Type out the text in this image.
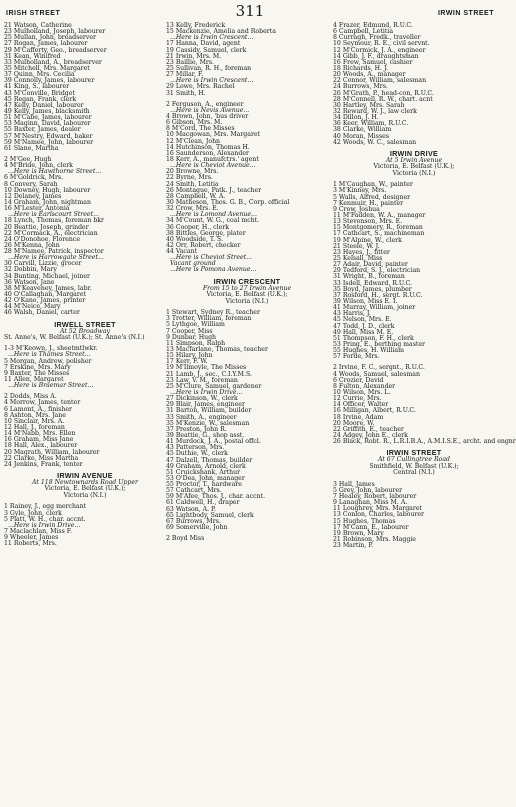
IRISH STREET	311	IRWIN STREET
21 Watson, Catherine
23 Mulholland, Joseph, labourer
25 Mullan, John, breadserver
27 Rogan, James, labourer
29 M'Cafferty, Geo., breadserver
31 Kean, Winifred
33 Mulholland, A., breadserver
35 Mitchell, Mrs. Margaret
37 Quinn, Mrs. Cecilia
39 Connolly, James, labourer
41 King, S., labourer
43 M'Conville, Bridget
45 Regan, Frank, clerk
47 Kelly, Daniel, labourer
49 Kelly, James, blacksmith
51 M'Cabe, James, labourer
53 Maginn, David, labourer
55 Baxter, James, dealer
57 M'Nestry, Edward, baker
59 M'Namee, John, labourer
61 Slane, Martha
2 M'Gee, Hugh
4 M'Bride, John, clerk
...Here is Hawthorne Street...
6 M'Goldrick, Mrs.
8 Convery, Sarah
10 Downey, Hugh, labourer
12 Delaney, James
14 Graham, John, nightman
16 M'Lester, Antonia
...Here is Earlscourt Street...
18 Lynch, Thomas, foreman bkr
20 Beattie, Joseph, grinder
22 M'Cormack, A., electrician
24 O'Donohoe, Florence
26 M'Kenna, John
28 M'Namee, Patrick, inspector
...Here is Harrowgate Street...
30 Carvill, Lizzie, grocer
32 Dobbin, Mary
34 Bunting, Michael, joiner
36 Watson, Jane
38 M'Keaveney, James, labr.
40 O'Callaghan, Margaret
42 O'Kane, James, printer
44 M'Neice, Mary
46 Walsh, Daniel, carter
IRWELL STREET
At 52 Broadway
St. Anne's, W. Belfast (U.K.); St. Anne's (N.I.)
1-3 M'Keown, J., sheetmtlwkr.
...Here is Thames Street...
5 Morgan, Andrew, polisher
7 Erskine, Mrs. Mary
9 Baxter, The Misses
11 Allen, Margaret
...Here is Braemar Street...
2 Dodds, Miss A.
4 Morrow, James, tenter
6 Lamont, A., finisher
8 Ashton, Mrs. Jane
10 Sinclair, Mrs. A.
12 Hall, J., foreman
14 M'Nabb, Mrs. Ellen
16 Graham, Miss Jane
18 Hall, Alex., labourer
20 Magrath, William, labourer
22 Clarke, Miss Martha
24 Jenkins, Frank, tenter
IRWIN AVENUE
At 118 Newtownards Road Upper
Victoria, E. Belfast (U.K.);
Victoria (N.I.)
1 Rainey, J., egg merchant
3 Gyle, John, clerk
5 Platt, W. H., char. accnt.
...Here is Irwin Drive...
7 Maclachlan, Miss F.
9 Wheeler, James
11 Roberts, Mrs.
13 Kelly, Frederick
15 Mackenzie, Amelia and Roberta
...Here is Irwin Crescent...
17 Hanna, David, agent
19 Cassidy, Samuel, clerk
21 Irwin, Mrs. M.
23 Baillie, Mrs.
25 Sullivan, R. H., foreman
27 Millar, F.
...Here is Irwin Crescent...
29 Lowe, Mrs. Rachel
31 Smith, H.
2 Ferguson, A., engineer
...Here is Nevis Avenue...
4 Brown, John, 'bus driver
6 Gibson, Mrs. M.
8 M'Cord, The Misses
10 Macgowan, Mrs. Margaret
12 M'Clean, John
14 Hutchinson, Thomas H.
16 Saunderson, Alexander
18 Kerr, A., manufctrs.' agent
...Here is Cheviot Avenue...
20 Browne, Mrs.
22 Byrne, Mrs.
24 Smith, Letitia
26 Montague, Patk. J., teacher
28 Campbell, W. A.
30 Matheson, Thos. G. B., Corp. official
32 Crow, Mrs. E.
...Here is Lomond Avenue...
34 M'Count, W. G., coal mcht.
36 Cooper, H., clerk
38 Bittles, George, plater
40 Woodside, T. S.
42 Orr, Robert, checker
44 Vacant
...Here is Cheviot Street...
Vacant ground
...Here is Pomona Avenue...
IRWIN CRESCENT
From 15 to 27 Irwin Avenue
Victoria, E. Belfast (U.K.);
Victoria (N.I.)
1 Stewart, Sydney R., teacher
3 Trotter, William, foreman
5 Lythgoe, William
7 Cooper, Miss
9 Dunbar, Hugh
11 Simpson, Ralph
13 Macfarlane, Thomas, teacher
15 Hilary, John
17 Kerr, F. W.
19 M'Ilmoyle, The Misses
21 Lamb, J., sec., C.I.Y.M.S.
23 Law, V. M., foreman
25 M'Clure, Samuel, gardener
...Here is Irwin Drive...
27 Dickinson, W., clerk
29 Blair, James, engineer
31 Barton, William, builder
33 Smith, A., engineer
35 M'Kenzie, W., salesman
37 Preston, John R.
39 Beattie, G., shop asst.
41 Murdock, J. A., postal offcl.
43 Patterson, Mrs.
45 Duthie, W., clerk
47 Dalzell, Thomas, builder
49 Graham, Arnold, clerk
51 Cruickshank, Arthur
53 O'Dea, John, manager
55 Proctor, T., hardware
57 Cathcart, Mrs.
59 M'Afee, Thos. J., char. accnt.
61 Caldwell, H., draper
63 Watson, A. P.
65 Lightbody, Samuel, clerk
67 Burrows, Mrs.
69 Somerville, John
2 Boyd Miss
4 Frazer, Edmund, R.U.C.
6 Campbell, Letitia
8 Curragh, Fredk., traveller
10 Seymour, R. E., civil servnt.
12 M'Cormick, J. A., engineer
14 Gibb, J. F., draughtsman
16 Frew, Samuel, cashier
18 Richards, H. J.
20 Woods, A., manager
22 Connor, William, salesman
24 Burrows, Mrs.
26 M'Grath, P., head-con, R.U.C.
28 M'Connell, R. W., chart. acnt
30 Hartley, Mrs. Sarah
32 Reward, W. J., law clerk
34 Dillon, J. H.
36 Keer, William, R.U.C.
38 Clarke, William
40 Moran, Misses
42 Woods, W. C., salesman
IRWIN DRIVE
At 5 Irwin Avenue
Victoria, E. Belfast (U.K.);
Victoria (N.I.)
1 M'Caughan, W., painter
3 M'Kinney, Mrs.
5 Walls, Alfred, designer
7 Kenmuir, H., painter
9 Crow, Joshua
11 M'Fadden, W. A., manager
13 Stevenson, Mrs. E.
15 Montgomery, R., foreman
17 Cathcart, S., machineman
19 M'Alpine, W., clerk
21 Steele, W. J.
23 Hayes, J., fitter
25 Kelsall, Miss
27 Adair, David, painter
29 Tedford, S. J., electrician
31 Wright, B., foreman
33 Isdell, Edward, R.U.C.
35 Boyd, James, plumber
37 Rosford, H., sergt. R.U.C.
39 Wilson, Miss E. I.
41 Murray, William, joiner
43 Harris, J.
45 Nelson, Mrs. E.
47 Todd, J. D., clerk
49 Hall, Miss M. E.
51 Thompson, F. H., clerk
53 Pring, E., berthing master
55 Hughes, H. William
57 Forde, Mrs.
2 Irvine, F. C., sergnt., R.U.C.
4 Woods, Samuel, salesman
6 Crozier, David
8 Fulton, Alexander
10 Wilson, Mrs. L.
12 Currie, Mrs.
14 Officer, Walter
16 Milligan, Albert, R.U.C.
18 Irvine, Adam
20 Moore, W.
22 Griffith, E., teacher
24 Adgey, John E., clerk
26 Black, Robt. R., L.R.I.B.A., A.M.I.S.E., archt. and engnr
IRWIN STREET
At 67 Cullingtree Road
Smithfield, W. Belfast (U.K.);
Central (N.I.)
3 Hall, James
5 Grey, John, labourer
7 Healey, Robert, labourer
9 Lanaghan, Miss M. A.
11 Loughrey, Mrs. Margaret
13 Conlon, Charles, labourer
15 Hughes, Thomas
17 M'Cann, E., labourer
19 Brown, Mary
21 Robinson, Mrs. Maggie
23 Martin, P.
